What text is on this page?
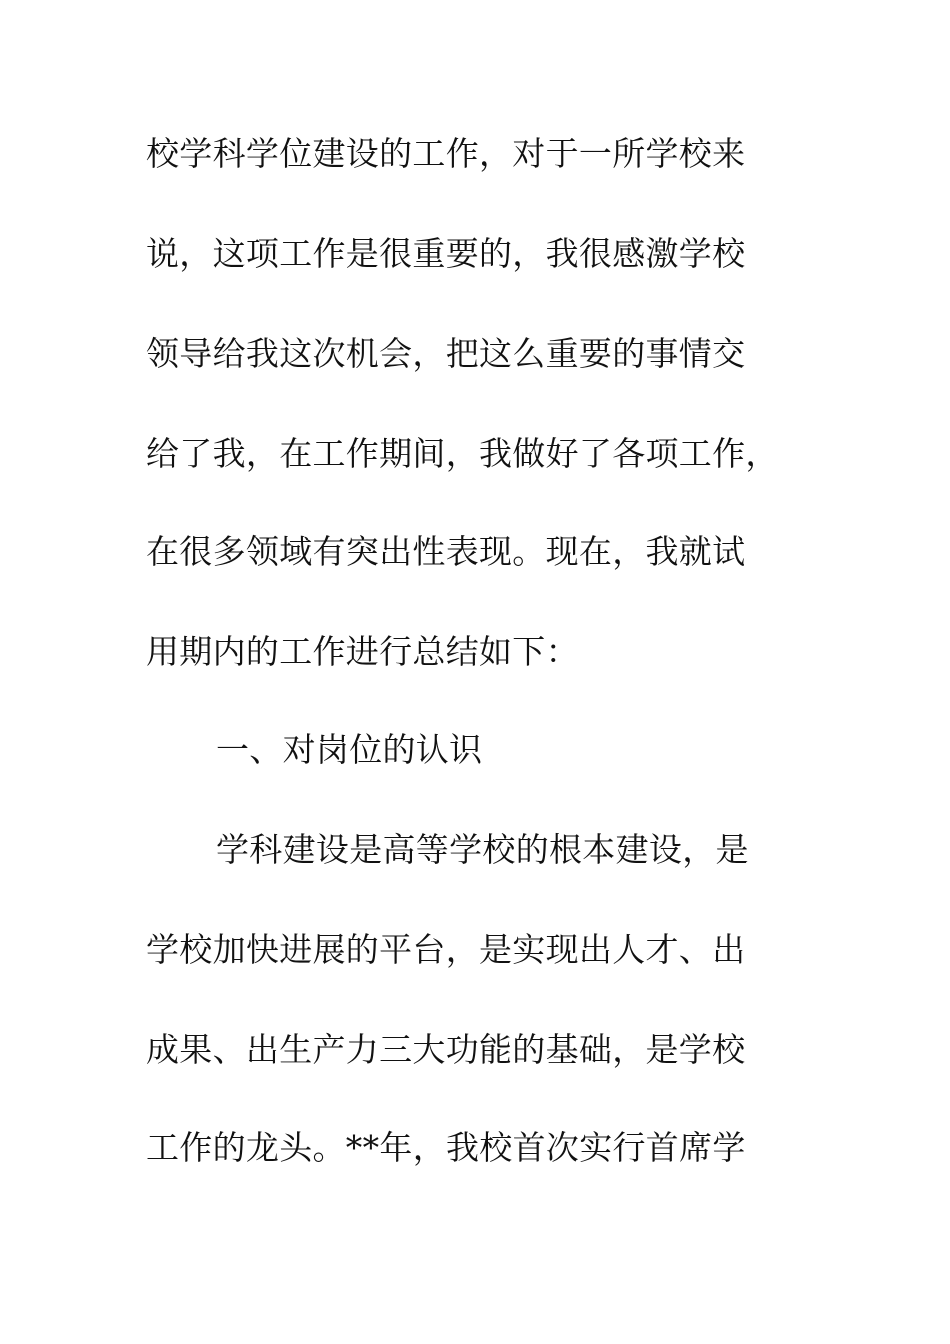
校学科学位建设的工作，对于一所学校来
说，这项工作是很重要的，我很感激学校
领导给我这次机会，把这么重要的事情交
给了我，在工作期间，我做好了各项工作，
在很多领域有突出性表现。现在，我就试
用期内的工作进行总结如下：
一、对岗位的认识
学科建设是高等学校的根本建设，是
学校加快进展的平台，是实现出人才、出
成果、出生产力三大功能的基础，是学校
工作的龙头。**年，我校首次实行首席学
